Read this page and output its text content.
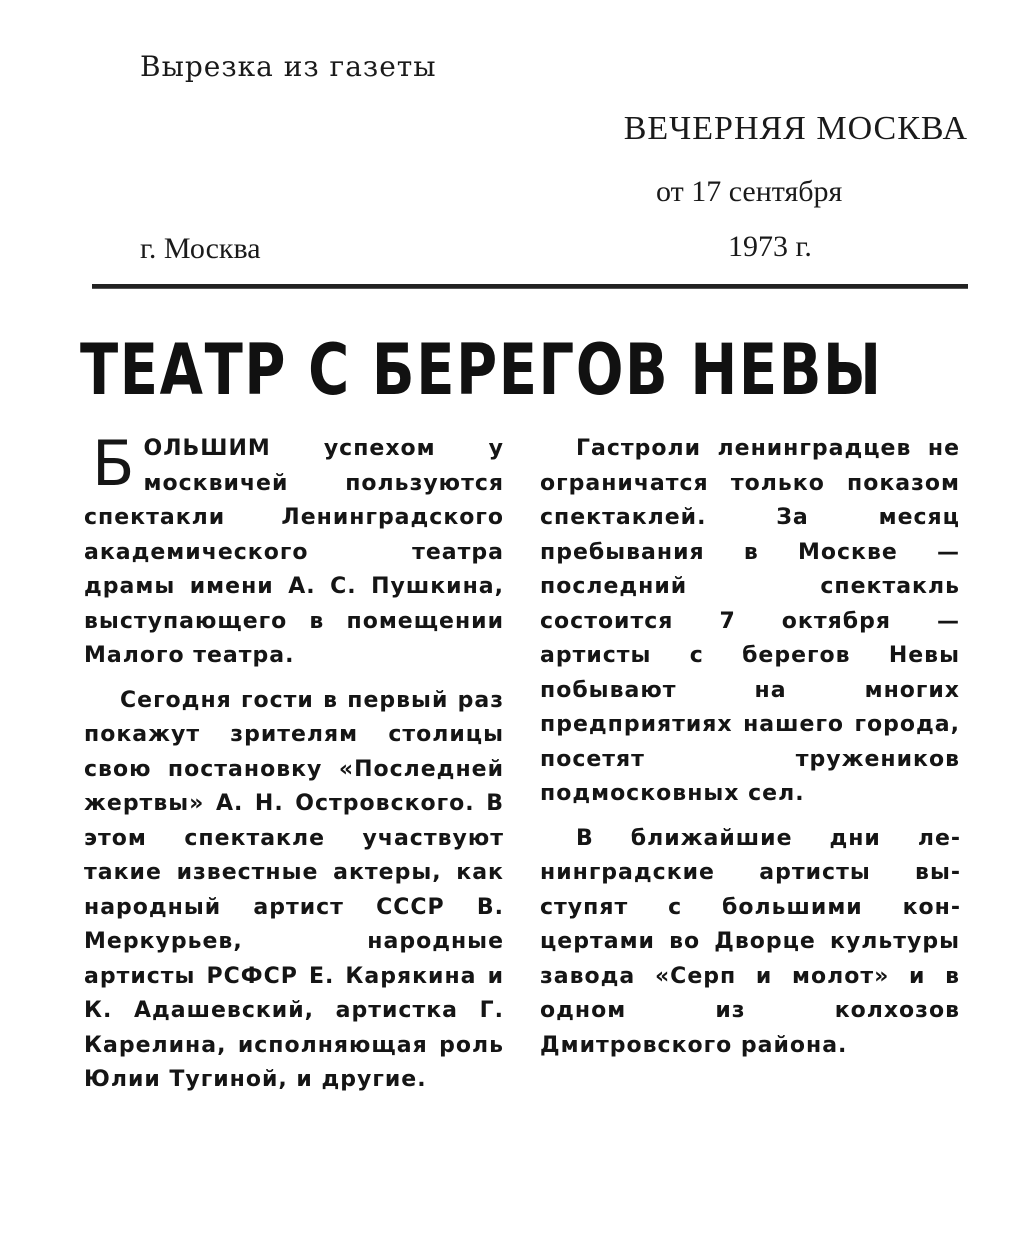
Вырезка из газеты
ВЕЧЕРНЯЯ МОСКВА
от 17 сентября
г. Москва	1973 г.
ТЕАТР С БЕРЕГОВ НЕВЫ

БОЛЬШИМ успехом у москвичей пользуются спектакли Ленинградского академического театра драмы имени А. С. Пушкина, выступающего в помещении Малого театра.

Сегодня гости в первый раз покажут зрителям столицы свою постановку «Последней жертвы» А. Н. Островского. В этом спектакле участвуют такие известные актеры, как народный артист СССР В. Меркурьев, народные артисты РСФСР Е. Карякина и К. Адашевский, артистка Г. Карелина, исполняющая роль Юлии Тугиной, и другие.

Гастроли ленинградцев не ограничатся только показом спектаклей. За месяц пребывания в Москве — последний спектакль состоится 7 октября — артисты с берегов Невы побывают на многих предприятиях нашего города, посетят тружеников подмосковных сел.

В ближайшие дни ленинградские артисты выступят с большими концертами во Дворце культуры завода «Серп и молот» и в одном из колхозов Дмитровского района.
